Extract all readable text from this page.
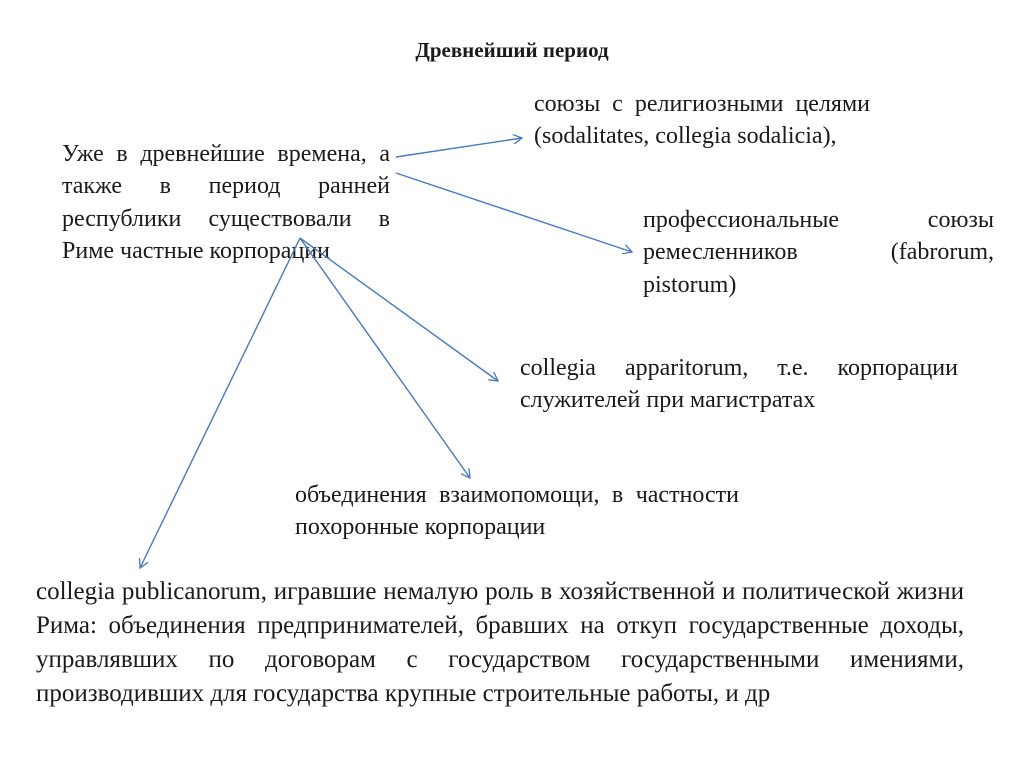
Древнейший период
Уже в древнейшие времена, а также в период ранней республики существовали в Риме частные корпорации
союзы с религиозными целями (sodalitates, collegia sodalicia),
профессиональные союзы ремесленников (fabrorum, pistorum)
collegia apparitorum, т.е. корпорации служителей при магистратах
объединения взаимопомощи, в частности похоронные корпорации
collegia publicanorum, игравшие немалую роль в хозяйственной и политической жизни Рима: объединения предпринимателей, бравших на откуп государственные доходы, управлявших по договорам с государством государственными имениями, производивших для государства крупные строительные работы, и др
